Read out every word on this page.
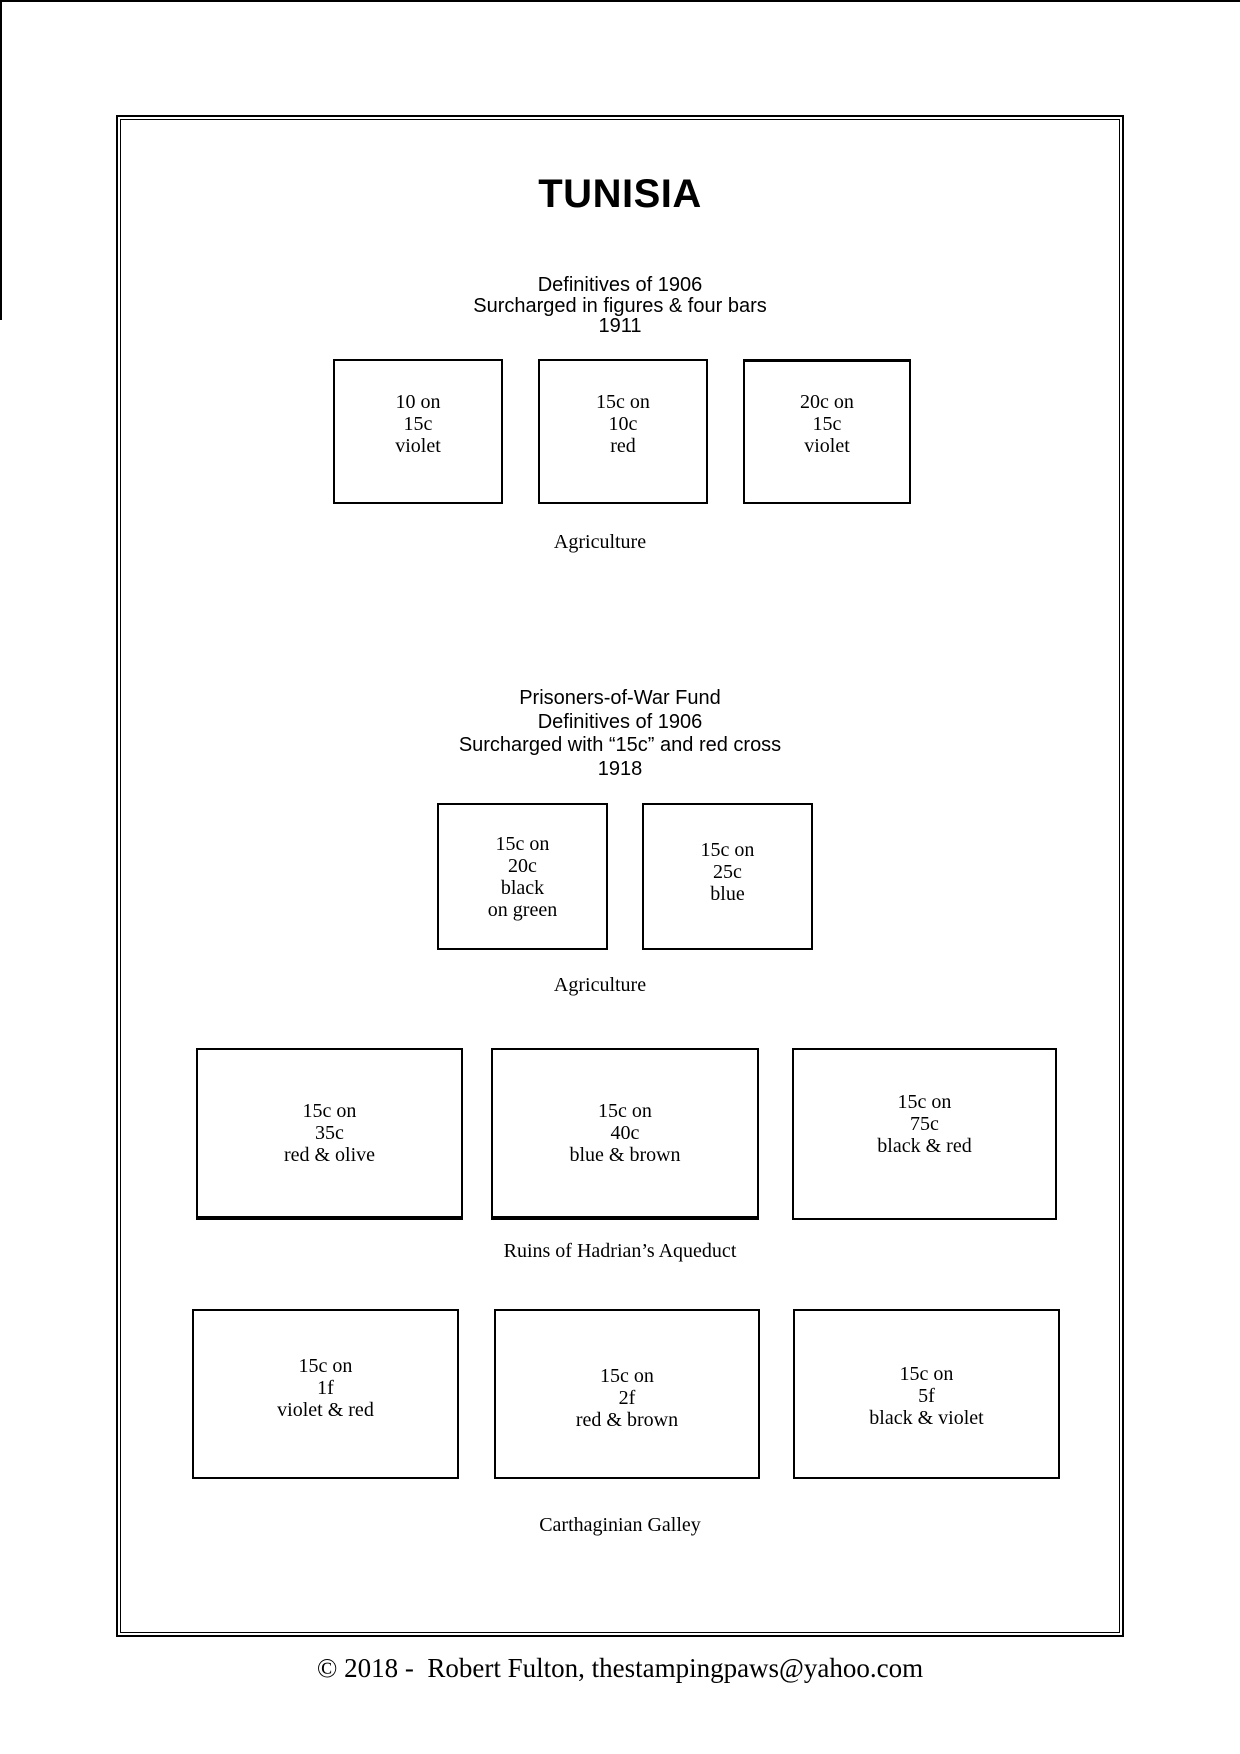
TUNISIA
Definitives of 1906
Surcharged in figures & four bars
1911
10 on
15c
violet
15c on
10c
red
20c on
15c
violet
Agriculture
Prisoners-of-War Fund
Definitives of 1906
Surcharged with “15c” and red cross
1918
15c on
20c
black
on green
15c on
25c
blue
Agriculture
15c on
35c
red & olive
15c on
40c
blue & brown
15c on
75c
black & red
Ruins of Hadrian’s Aqueduct
15c on
1f
violet & red
15c on
2f
red & brown
15c on
5f
black & violet
Carthaginian Galley
© 2018 -  Robert Fulton, thestampingpaws@yahoo.com
